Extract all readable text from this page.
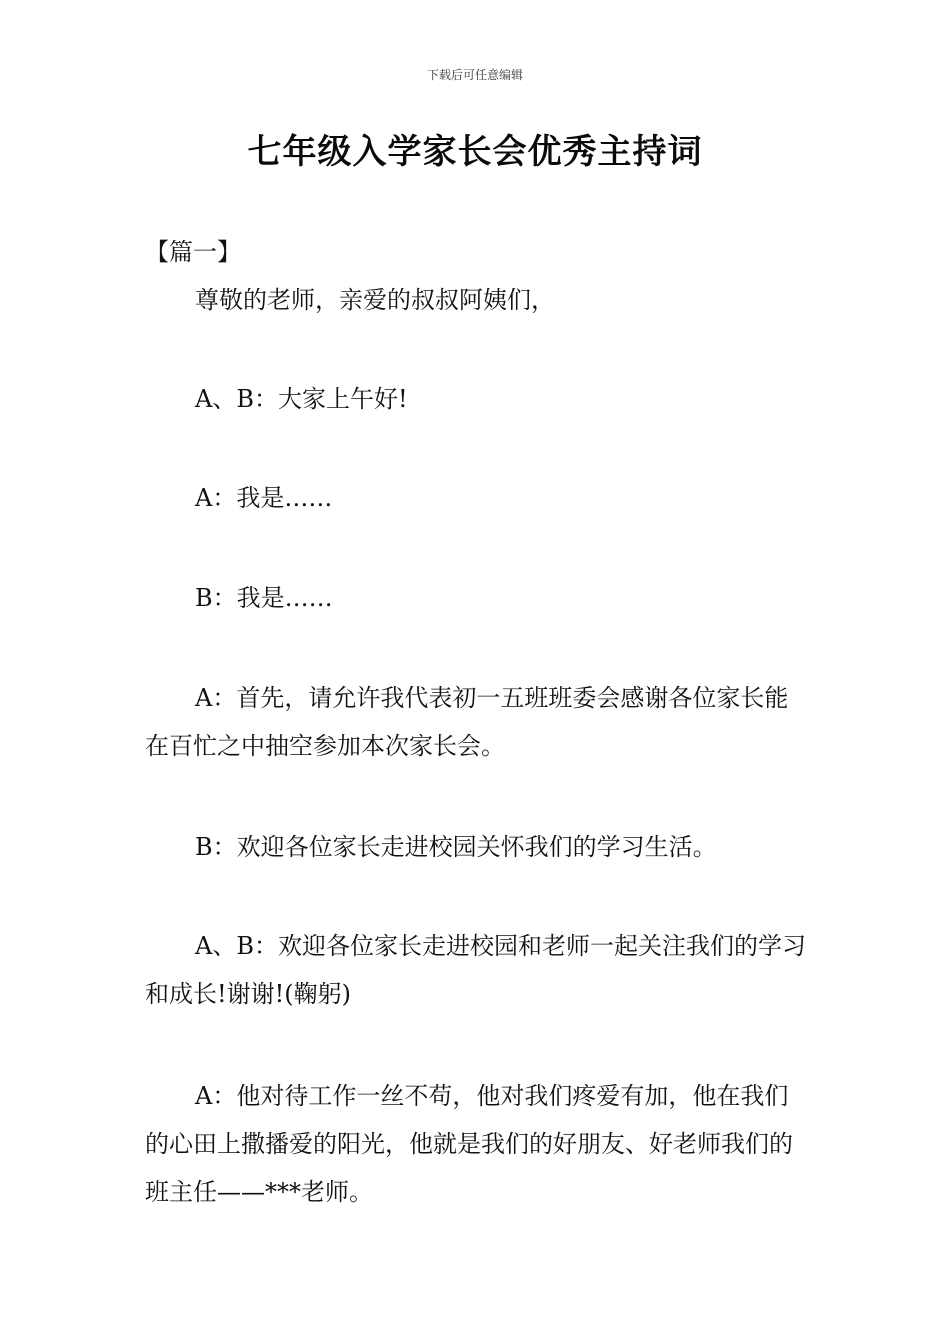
下载后可任意编辑
七年级入学家长会优秀主持词
【篇一】

尊敬的老师，亲爱的叔叔阿姨们，

A、B：大家上午好!

A：我是……

B：我是……

A：首先，请允许我代表初一五班班委会感谢各位家长能在百忙之中抽空参加本次家长会。

B：欢迎各位家长走进校园关怀我们的学习生活。

A、B：欢迎各位家长走进校园和老师一起关注我们的学习和成长!谢谢!(鞠躬)

A：他对待工作一丝不苟，他对我们疼爱有加，他在我们的心田上撒播爱的阳光，他就是我们的好朋友、好老师我们的班主任——***老师。
